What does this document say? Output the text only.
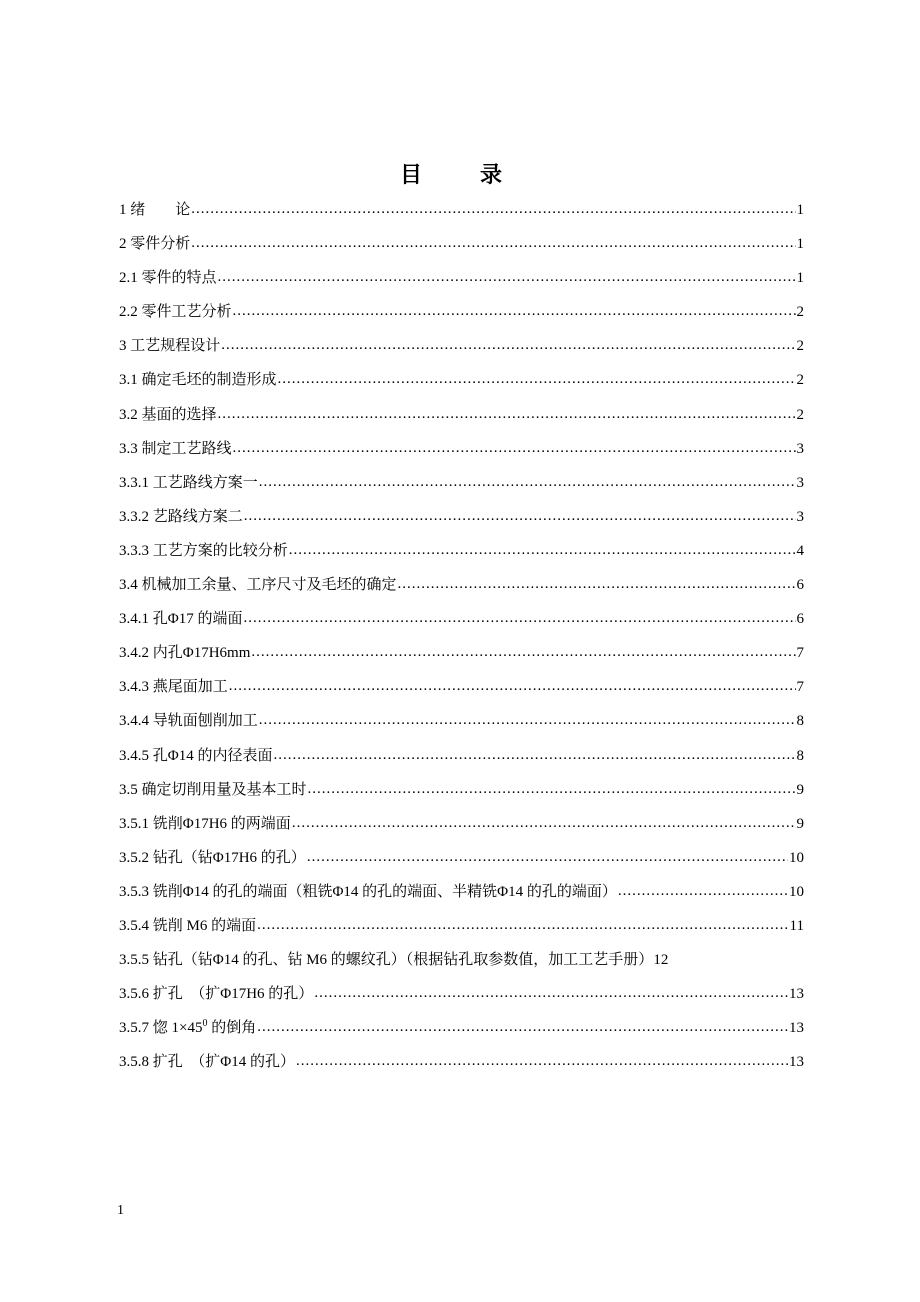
目　录
1 绪　　论 .....	1
2 零件分析 .....	1
2.1 零件的特点 .....	1
2.2 零件工艺分析 .....	2
3 工艺规程设计 .....	2
3.1 确定毛坯的制造形成 .....	2
3.2 基面的选择 .....	2
3.3 制定工艺路线 .....	3
3.3.1 工艺路线方案一 .....	3
3.3.2 艺路线方案二 .....	3
3.3.3 工艺方案的比较分析 .....	4
3.4 机械加工余量、工序尺寸及毛坯的确定 .....	6
3.4.1 孔Φ17 的端面 .....	6
3.4.2 内孔Φ17H6mm .....	7
3.4.3 燕尾面加工 .....	7
3.4.4 导轨面刨削加工 .....	8
3.4.5 孔Φ14 的内径表面 .....	8
3.5 确定切削用量及基本工时 .....	9
3.5.1 铣削Φ17H6 的两端面 .....	9
3.5.2 钻孔（钻Φ17H6 的孔） .....	10
3.5.3 铣削Φ14 的孔的端面（粗铣Φ14 的孔的端面、半精铣Φ14 的孔的端面） .....	10
3.5.4 铣削 M6 的端面 .....	11
3.5.5 钻孔（钻Φ14 的孔、钻 M6 的螺纹孔）（根据钻孔取参数值，加工工艺手册） 12
3.5.6 扩孔　（扩Φ17H6 的孔） .....	13
3.5.7 惚 $1\times 45^0$ 的倒角 .....	13
3.5.8 扩孔　（扩Φ14 的孔） .....	13
1
